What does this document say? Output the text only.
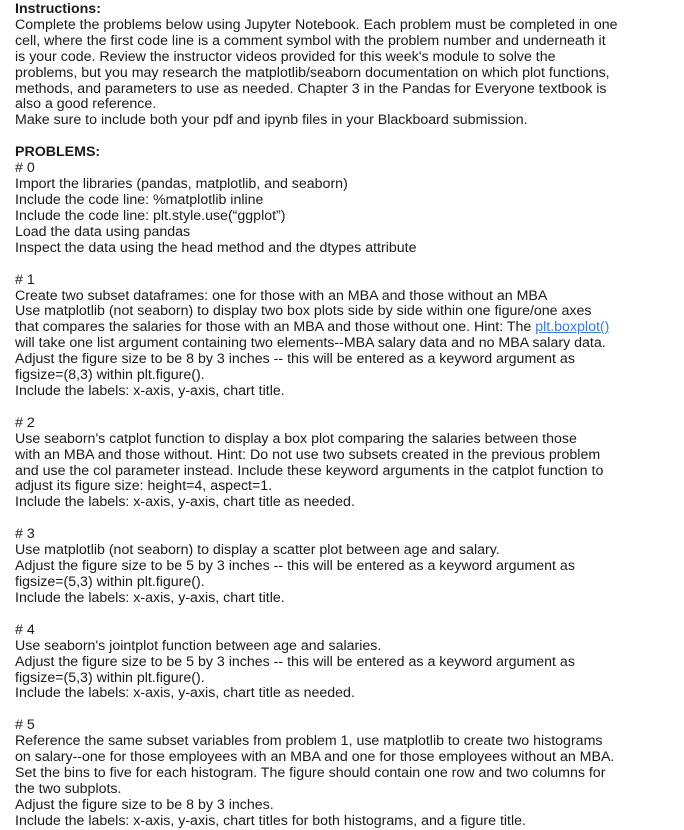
Instructions:
Complete the problems below using Jupyter Notebook. Each problem must be completed in one
cell, where the first code line is a comment symbol with the problem number and underneath it
is your code. Review the instructor videos provided for this week's module to solve the
problems, but you may research the matplotlib/seaborn documentation on which plot functions,
methods, and parameters to use as needed. Chapter 3 in the Pandas for Everyone textbook is
also a good reference.
Make sure to include both your pdf and ipynb files in your Blackboard submission.
PROBLEMS:
# 0
Import the libraries (pandas, matplotlib, and seaborn)
Include the code line: %matplotlib inline
Include the code line: plt.style.use(“ggplot”)
Load the data using pandas
Inspect the data using the head method and the dtypes attribute
# 1
Create two subset dataframes: one for those with an MBA and those without an MBA
Use matplotlib (not seaborn) to display two box plots side by side within one figure/one axes
that compares the salaries for those with an MBA and those without one. Hint: The plt.boxplot()
will take one list argument containing two elements--MBA salary data and no MBA salary data.
Adjust the figure size to be 8 by 3 inches -- this will be entered as a keyword argument as
figsize=(8,3) within plt.figure().
Include the labels: x-axis, y-axis, chart title.
# 2
Use seaborn's catplot function to display a box plot comparing the salaries between those
with an MBA and those without. Hint: Do not use two subsets created in the previous problem
and use the col parameter instead. Include these keyword arguments in the catplot function to
adjust its figure size: height=4, aspect=1.
Include the labels: x-axis, y-axis, chart title as needed.
# 3
Use matplotlib (not seaborn) to display a scatter plot between age and salary.
Adjust the figure size to be 5 by 3 inches -- this will be entered as a keyword argument as
figsize=(5,3) within plt.figure().
Include the labels: x-axis, y-axis, chart title.
# 4
Use seaborn's jointplot function between age and salaries.
Adjust the figure size to be 5 by 3 inches -- this will be entered as a keyword argument as
figsize=(5,3) within plt.figure().
Include the labels: x-axis, y-axis, chart title as needed.
# 5
Reference the same subset variables from problem 1, use matplotlib to create two histograms
on salary--one for those employees with an MBA and one for those employees without an MBA.
Set the bins to five for each histogram. The figure should contain one row and two columns for
the two subplots.
Adjust the figure size to be 8 by 3 inches.
Include the labels: x-axis, y-axis, chart titles for both histograms, and a figure title.
